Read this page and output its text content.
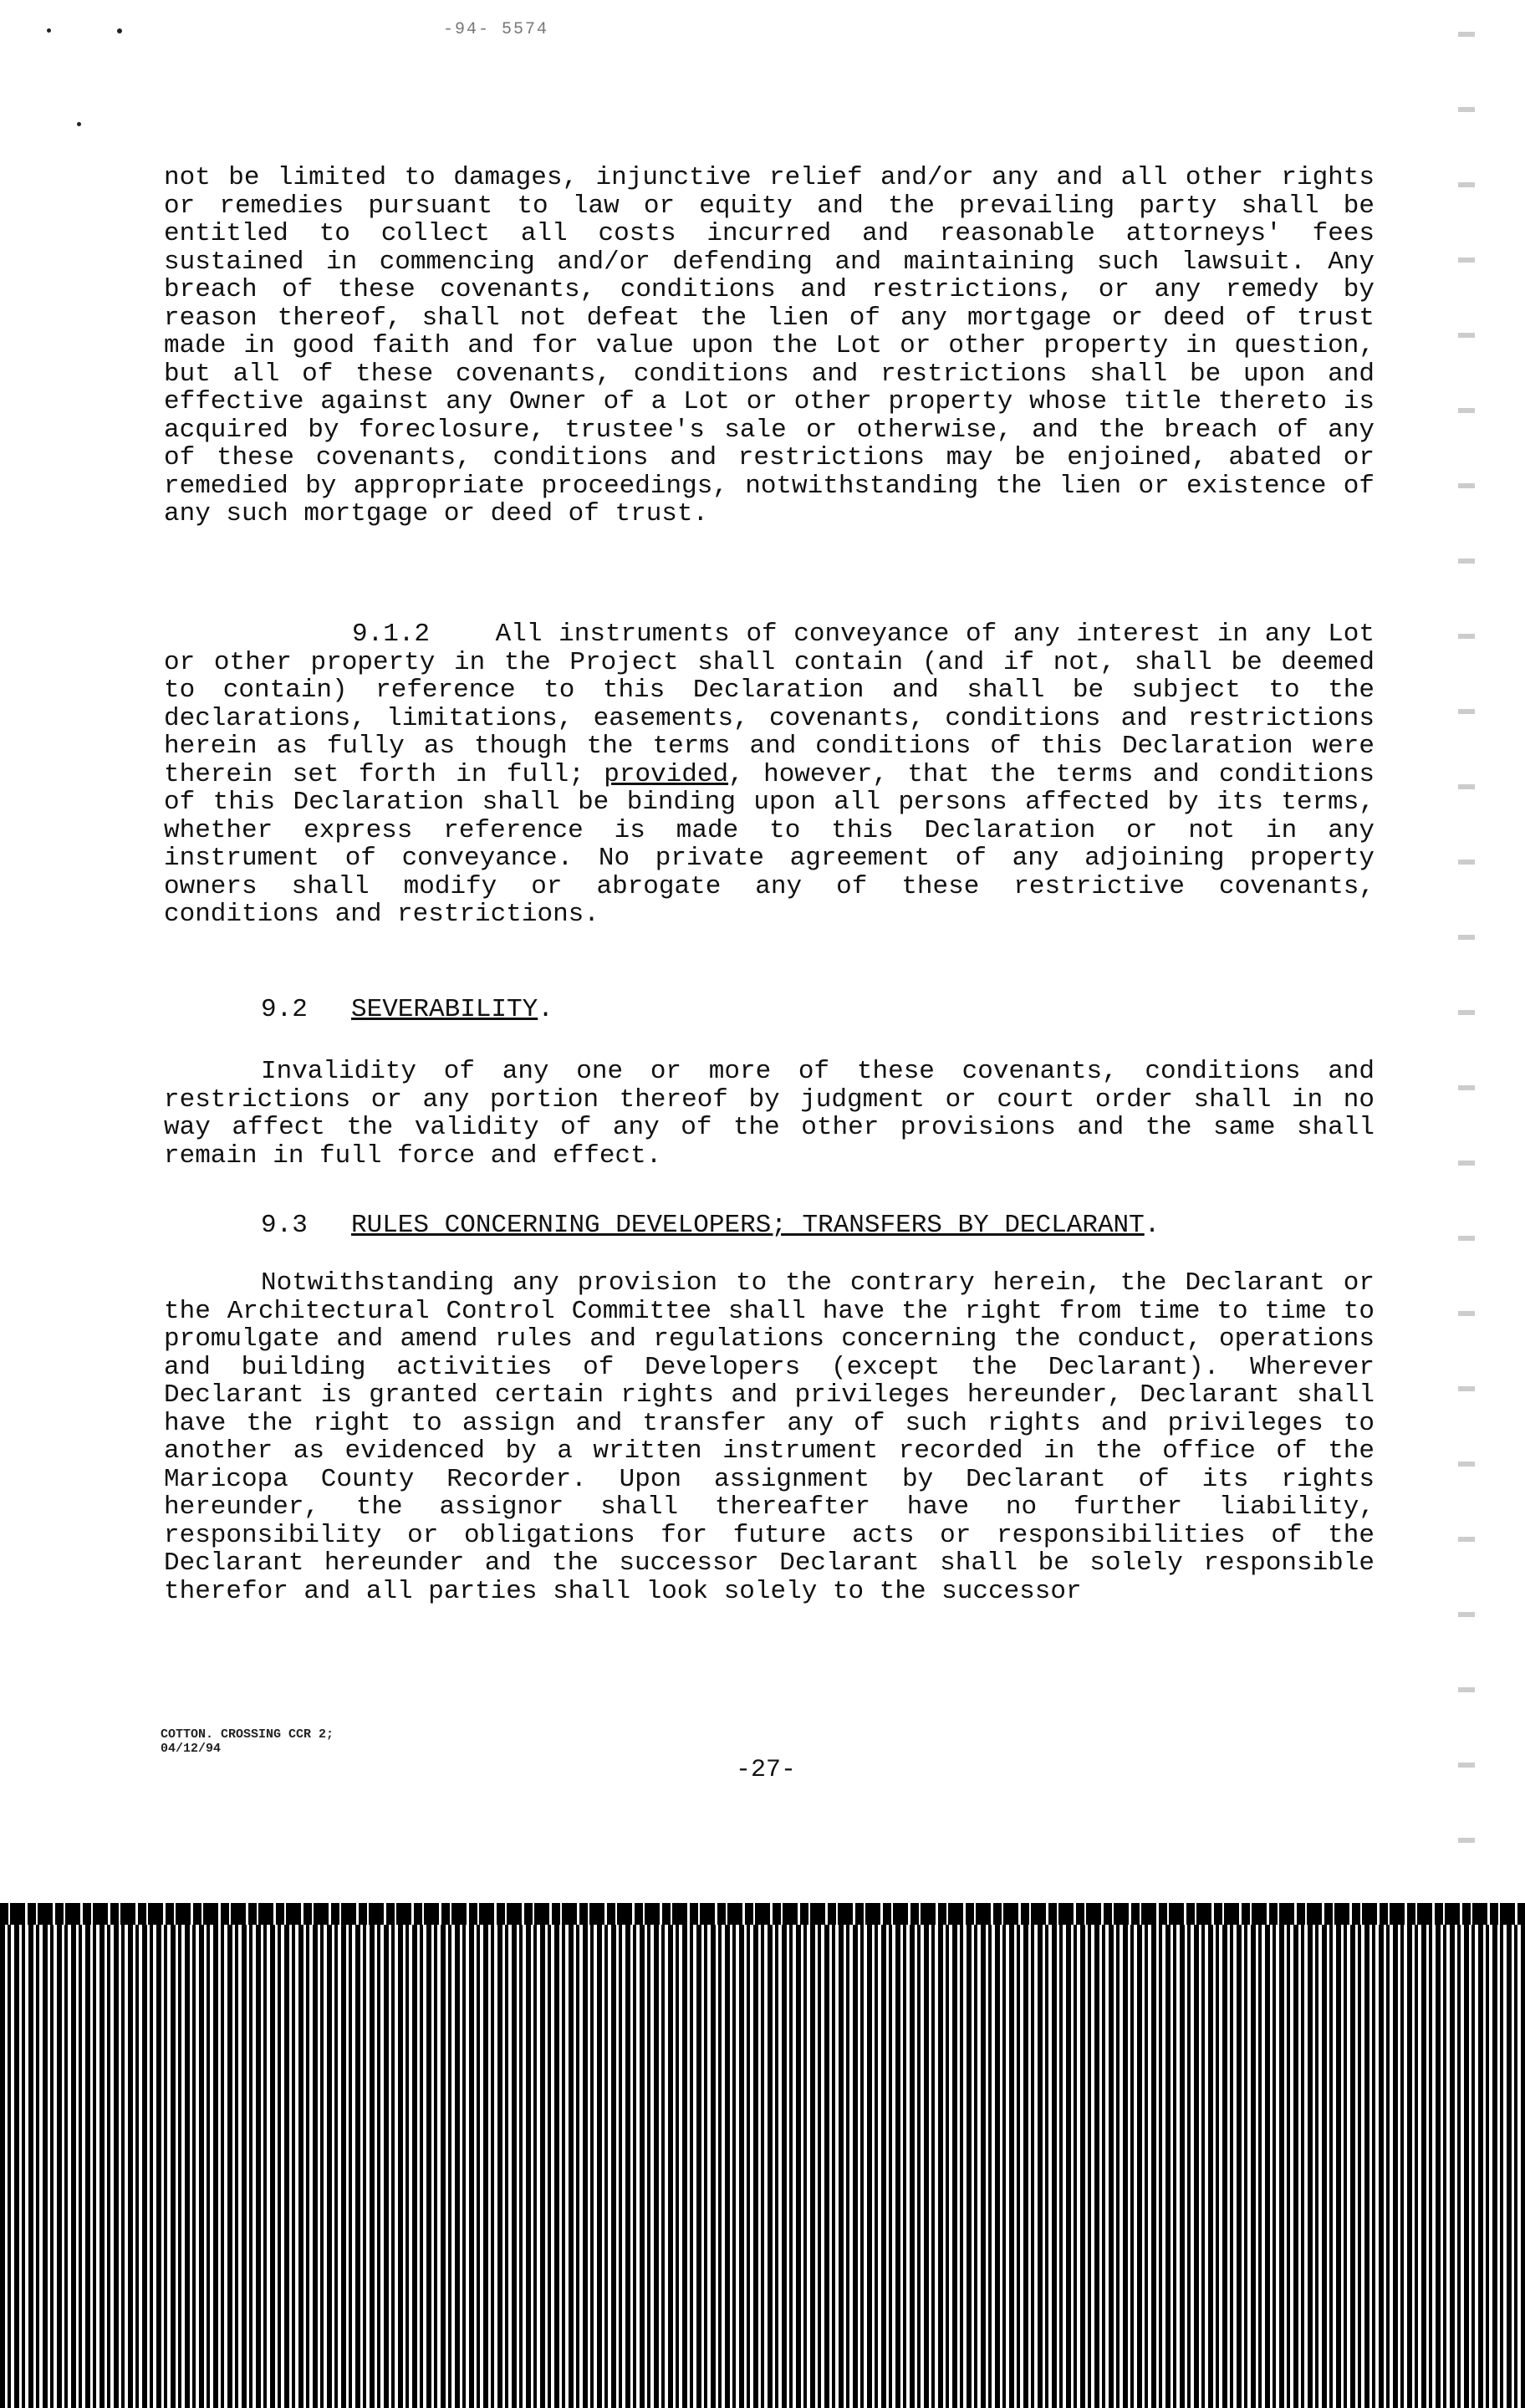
-94- 5574

not be limited to damages, injunctive relief and/or any and all other rights or remedies pursuant to law or equity and the prevailing party shall be entitled to collect all costs incurred and reasonable attorneys' fees sustained in commencing and/or defending and maintaining such lawsuit. Any breach of these covenants, conditions and restrictions, or any remedy by reason thereof, shall not defeat the lien of any mortgage or deed of trust made in good faith and for value upon the Lot or other property in question, but all of these covenants, conditions and restrictions shall be upon and effective against any Owner of a Lot or other property whose title thereto is acquired by foreclosure, trustee's sale or otherwise, and the breach of any of these covenants, conditions and restrictions may be enjoined, abated or remedied by appropriate proceedings, notwithstanding the lien or existence of any such mortgage or deed of trust.

9.1.2	All instruments of conveyance of any interest in any Lot or other property in the Project shall contain (and if not, shall be deemed to contain) reference to this Declaration and shall be subject to the declarations, limitations, easements, covenants, conditions and restrictions herein as fully as though the terms and conditions of this Declaration were therein set forth in full; provided, however, that the terms and conditions of this Declaration shall be binding upon all persons affected by its terms, whether express reference is made to this Declaration or not in any instrument of conveyance. No private agreement of any adjoining property owners shall modify or abrogate any of these restrictive covenants, conditions and restrictions.

9.2 SEVERABILITY.

Invalidity of any one or more of these covenants, conditions and restrictions or any portion thereof by judgment or court order shall in no way affect the validity of any of the other provisions and the same shall remain in full force and effect.

9.3 RULES CONCERNING DEVELOPERS; TRANSFERS BY DECLARANT.

Notwithstanding any provision to the contrary herein, the Declarant or the Architectural Control Committee shall have the right from time to time to promulgate and amend rules and regulations concerning the conduct, operations and building activities of Developers (except the Declarant). Wherever Declarant is granted certain rights and privileges hereunder, Declarant shall have the right to assign and transfer any of such rights and privileges to another as evidenced by a written instrument recorded in the office of the Maricopa County Recorder. Upon assignment by Declarant of its rights hereunder, the assignor shall thereafter have no further liability, responsibility or obligations for future acts or responsibilities of the Declarant hereunder and the successor Declarant shall be solely responsible therefor and all parties shall look solely to the successor

COTTON. CROSSING CCR 2;
04/12/94
-27-
